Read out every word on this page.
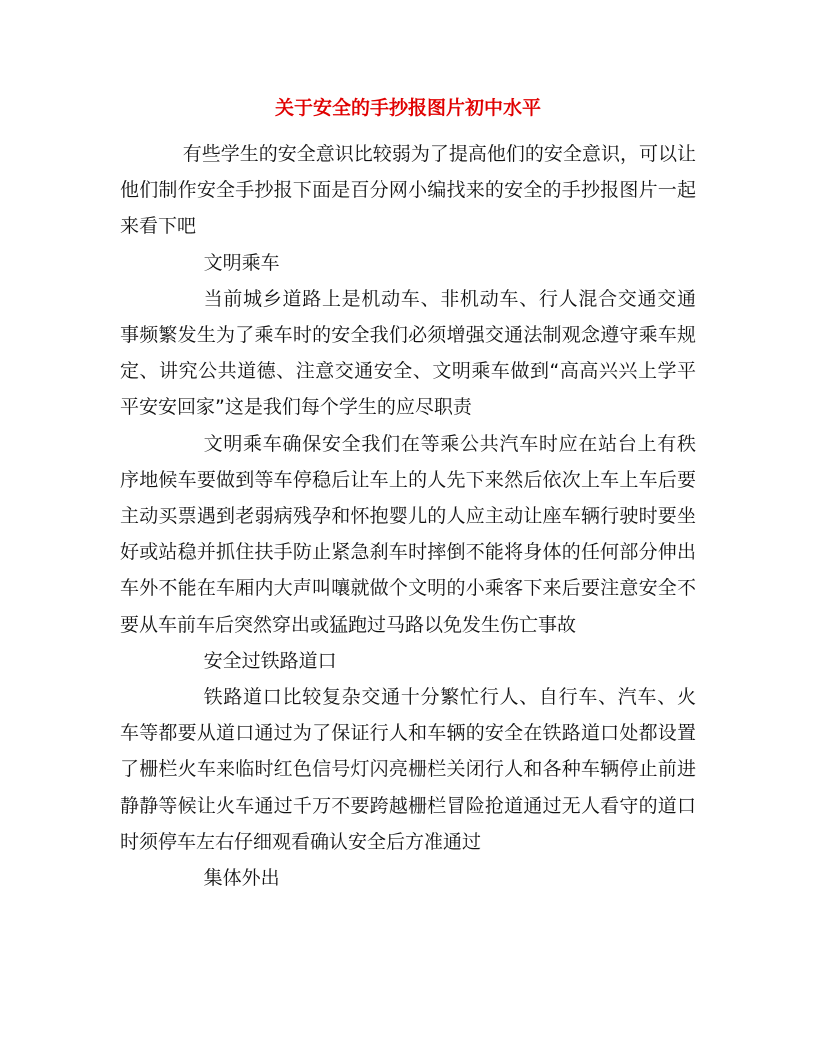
关于安全的手抄报图片初中水平

有些学生的安全意识比较弱为了提高他们的安全意识，可以让他们制作安全手抄报下面是百分网小编找来的安全的手抄报图片一起来看下吧

文明乘车

当前城乡道路上是机动车、非机动车、行人混合交通交通事频繁发生为了乘车时的安全我们必须增强交通法制观念遵守乘车规定、讲究公共道德、注意交通安全、文明乘车做到“高高兴兴上学平平安安回家”这是我们每个学生的应尽职责

文明乘车确保安全我们在等乘公共汽车时应在站台上有秩序地候车要做到等车停稳后让车上的人先下来然后依次上车上车后要主动买票遇到老弱病残孕和怀抱婴儿的人应主动让座车辆行驶时要坐好或站稳并抓住扶手防止紧急刹车时摔倒不能将身体的任何部分伸出车外不能在车厢内大声叫嚷就做个文明的小乘客下来后要注意安全不要从车前车后突然穿出或猛跑过马路以免发生伤亡事故

安全过铁路道口

铁路道口比较复杂交通十分繁忙行人、自行车、汽车、火车等都要从道口通过为了保证行人和车辆的安全在铁路道口处都设置了栅栏火车来临时红色信号灯闪亮栅栏关闭行人和各种车辆停止前进静静等候让火车通过千万不要跨越栅栏冒险抢道通过无人看守的道口时须停车左右仔细观看确认安全后方准通过

集体外出
